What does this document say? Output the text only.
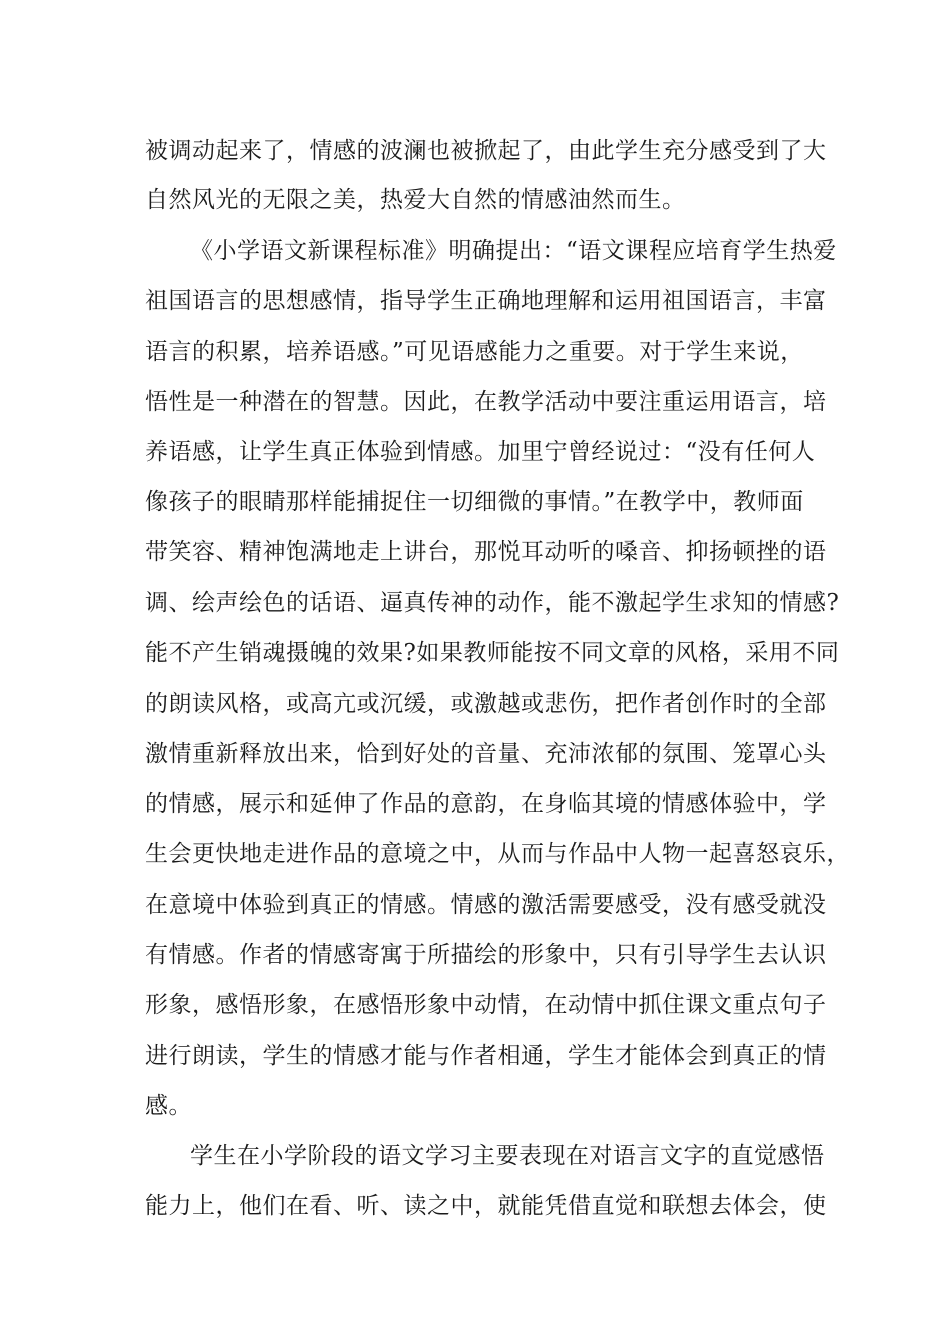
被调动起来了，情感的波澜也被掀起了，由此学生充分感受到了大

自然风光的无限之美，热爱大自然的情感油然而生。

《小学语文新课程标准》明确提出：“语文课程应培育学生热爱

祖国语言的思想感情，指导学生正确地理解和运用祖国语言，丰富

语言的积累，培养语感。”可见语感能力之重要。对于学生来说，

悟性是一种潜在的智慧。因此，在教学活动中要注重运用语言，培

养语感，让学生真正体验到情感。加里宁曾经说过：“没有任何人

像孩子的眼睛那样能捕捉住一切细微的事情。”在教学中，教师面

带笑容、精神饱满地走上讲台，那悦耳动听的嗓音、抑扬顿挫的语

调、绘声绘色的话语、逼真传神的动作，能不激起学生求知的情感?

能不产生销魂摄魄的效果?如果教师能按不同文章的风格，采用不同

的朗读风格，或高亢或沉缓，或激越或悲伤，把作者创作时的全部

激情重新释放出来，恰到好处的音量、充沛浓郁的氛围、笼罩心头

的情感，展示和延伸了作品的意韵，在身临其境的情感体验中，学

生会更快地走进作品的意境之中，从而与作品中人物一起喜怒哀乐，

在意境中体验到真正的情感。情感的激活需要感受，没有感受就没

有情感。作者的情感寄寓于所描绘的形象中，只有引导学生去认识

形象，感悟形象，在感悟形象中动情，在动情中抓住课文重点句子

进行朗读，学生的情感才能与作者相通，学生才能体会到真正的情

感。

学生在小学阶段的语文学习主要表现在对语言文字的直觉感悟

能力上，他们在看、听、读之中，就能凭借直觉和联想去体会，使
